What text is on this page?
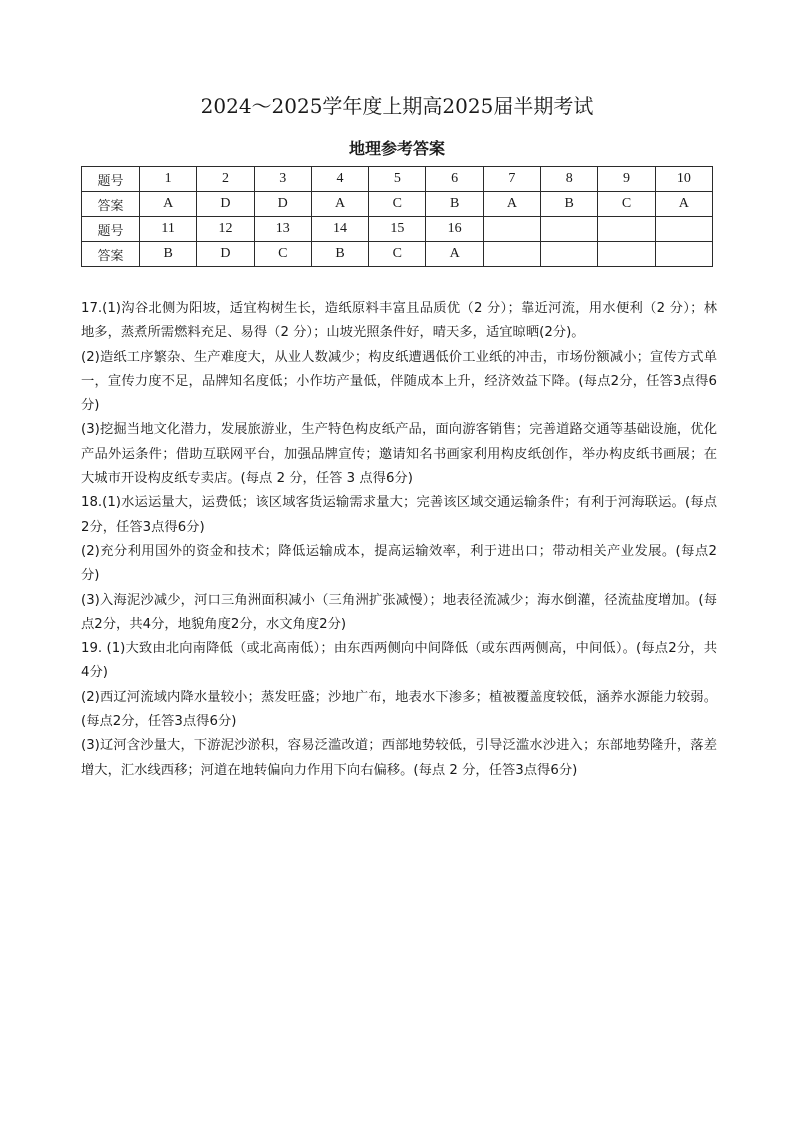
2024～2025学年度上期高2025届半期考试
地理参考答案
题号	1	2	3	4	5	6	7	8	9	10
答案	A	D	D	A	C	B	A	B	C	A
题号	11	12	13	14	15	16				
答案	B	D	C	B	C	A				

17.(1)沟谷北侧为阳坡，适宜构树生长，造纸原料丰富且品质优（2 分）；靠近河流，用水便利（2 分）；林地多，蒸煮所需燃料充足、易得（2 分）；山坡光照条件好，晴天多，适宜晾晒(2分)。

(2)造纸工序繁杂、生产难度大，从业人数减少；构皮纸遭遇低价工业纸的冲击，市场份额减小；宣传方式单一，宣传力度不足，品牌知名度低；小作坊产量低，伴随成本上升，经济效益下降。(每点2分，任答3点得6分)

(3)挖掘当地文化潜力，发展旅游业，生产特色构皮纸产品，面向游客销售；完善道路交通等基础设施，优化产品外运条件；借助互联网平台，加强品牌宣传；邀请知名书画家利用构皮纸创作，举办构皮纸书画展；在大城市开设构皮纸专卖店。(每点 2 分，任答 3 点得6分)

18.(1)水运运量大，运费低；该区域客货运输需求量大；完善该区域交通运输条件；有利于河海联运。(每点2分，任答3点得6分)

(2)充分利用国外的资金和技术；降低运输成本，提高运输效率，利于进出口；带动相关产业发展。(每点2分)

(3)入海泥沙减少，河口三角洲面积减小（三角洲扩张减慢）；地表径流减少；海水倒灌，径流盐度增加。(每点2分，共4分，地貌角度2分，水文角度2分)

19. (1)大致由北向南降低（或北高南低）；由东西两侧向中间降低（或东西两侧高，中间低）。(每点2分，共4分)

(2)西辽河流域内降水量较小；蒸发旺盛；沙地广布，地表水下渗多；植被覆盖度较低，涵养水源能力较弱。(每点2分，任答3点得6分)

(3)辽河含沙量大，下游泥沙淤积，容易泛滥改道；西部地势较低，引导泛滥水沙进入；东部地势隆升，落差增大，汇水线西移；河道在地转偏向力作用下向右偏移。(每点 2 分，任答3点得6分)
